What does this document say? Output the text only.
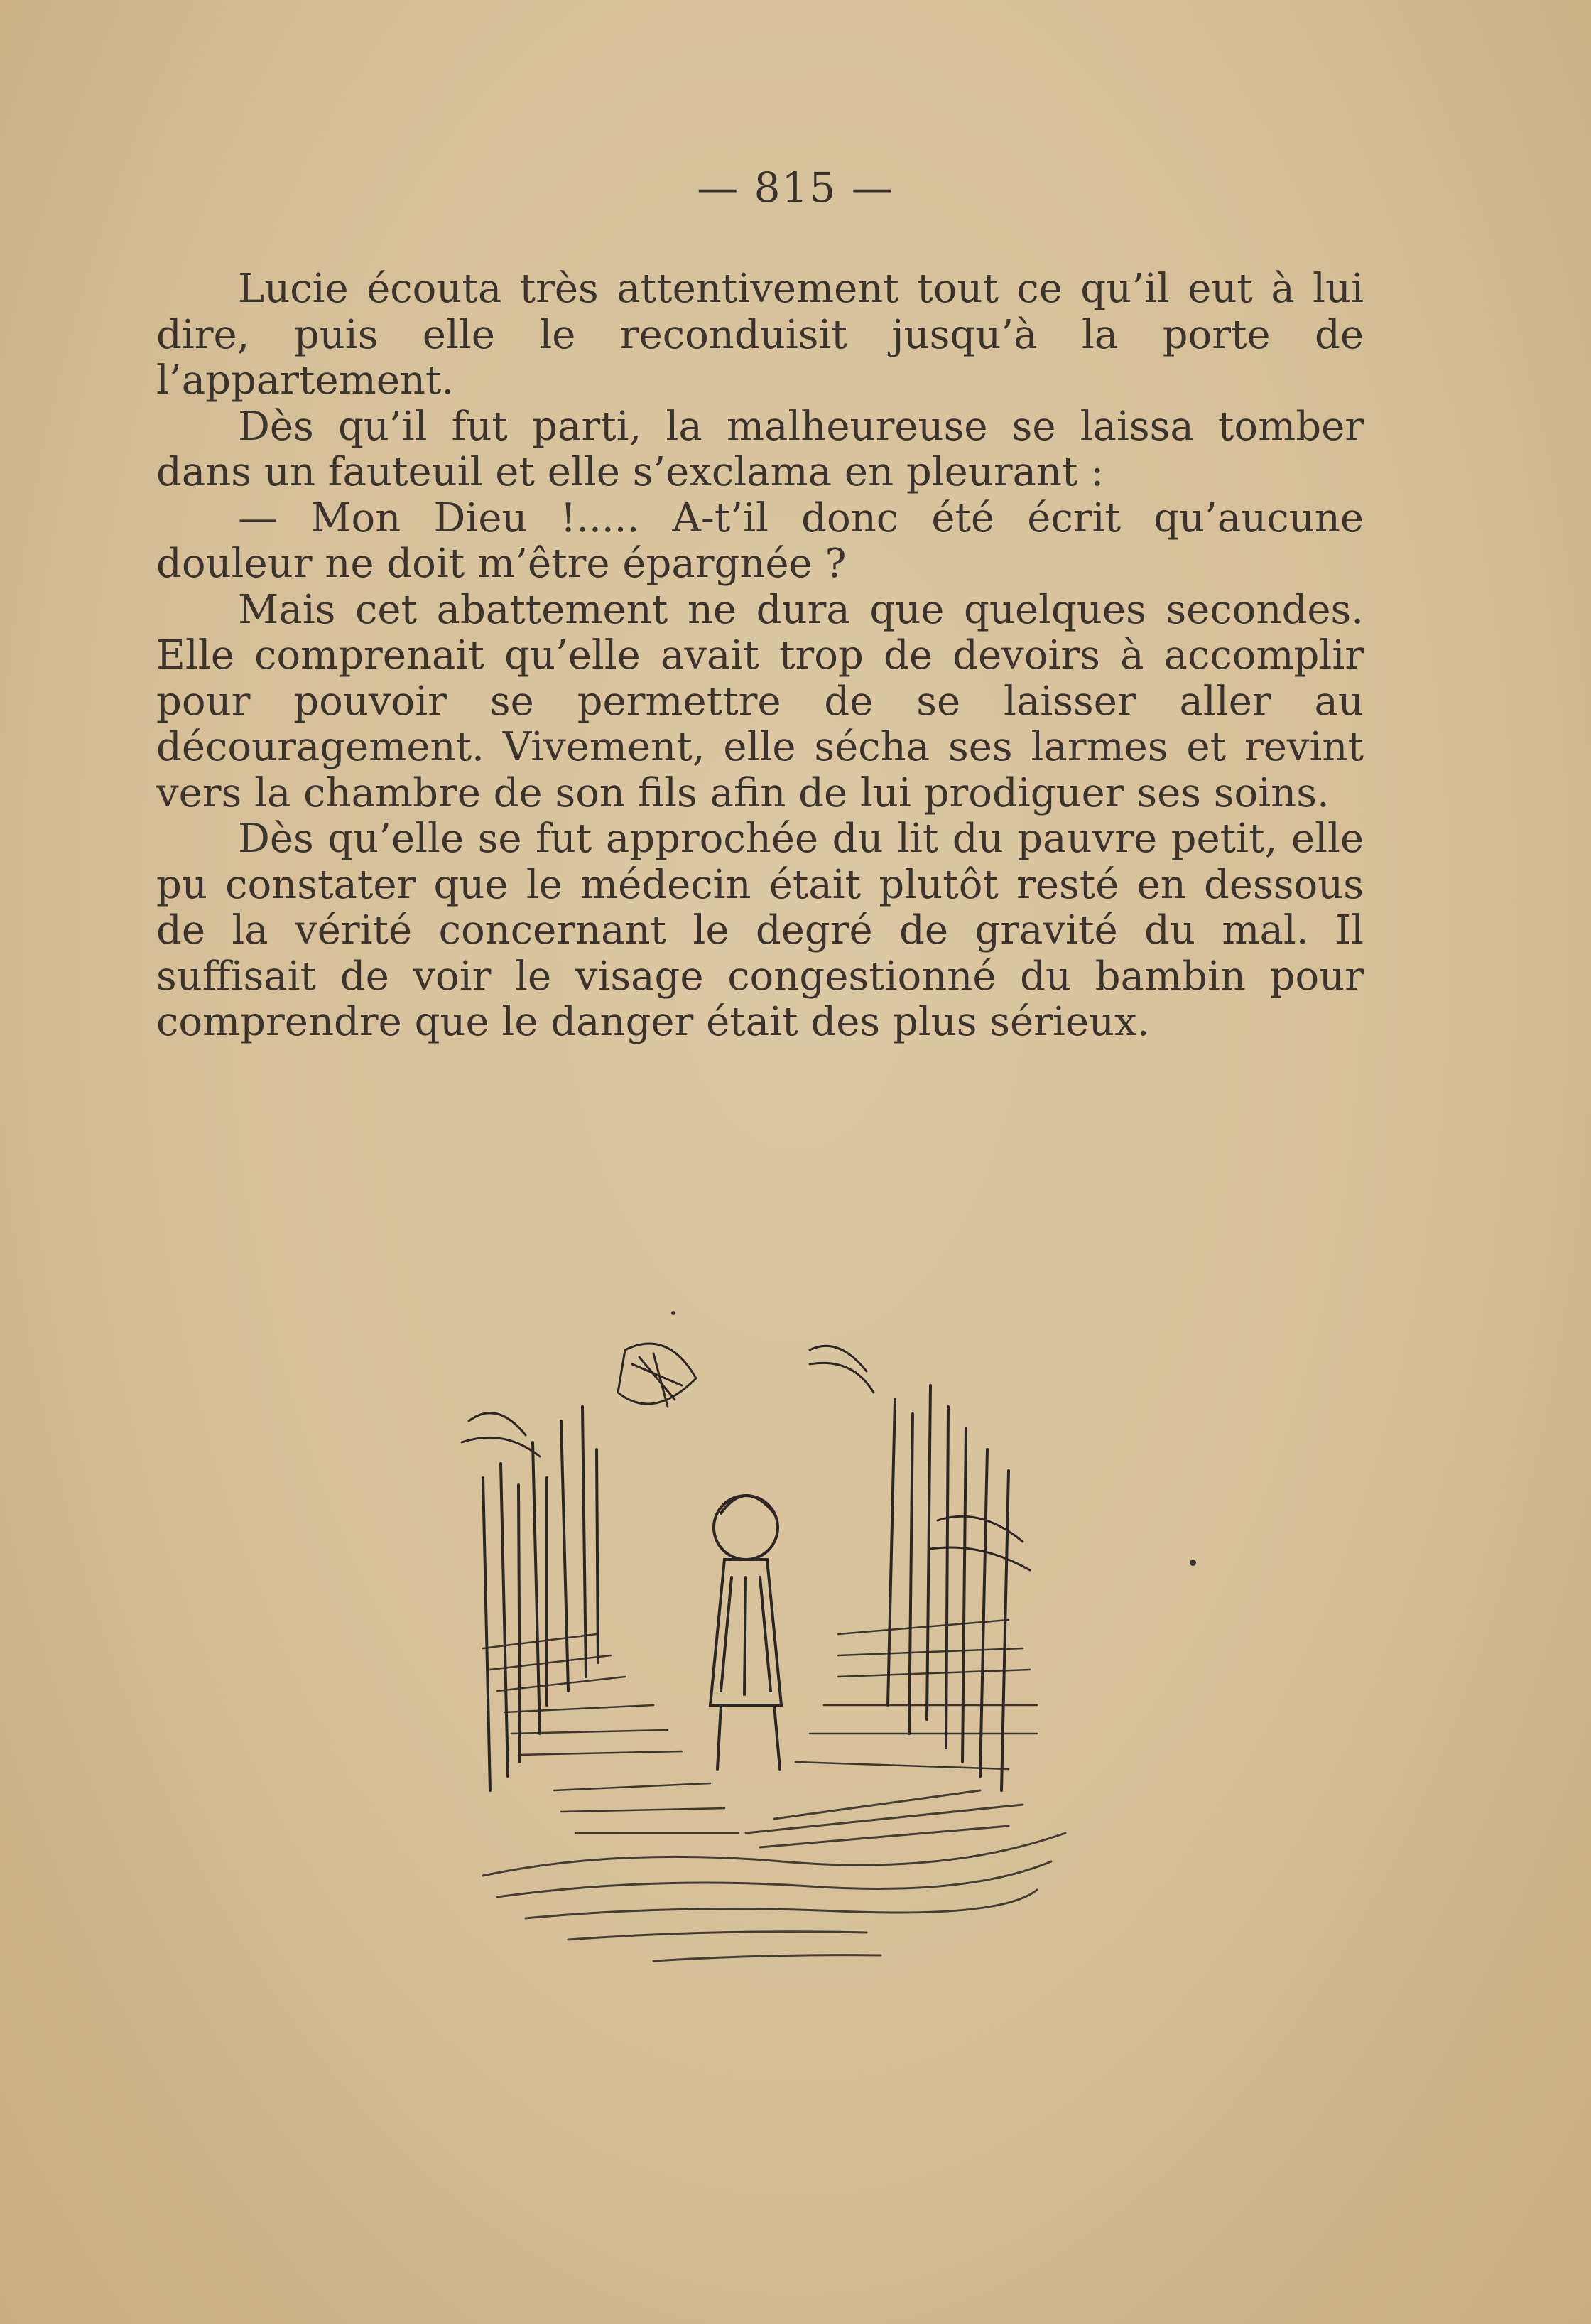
— 815 —

Lucie écouta très attentivement tout ce qu’il eut à lui dire, puis elle le reconduisit jusqu’à la porte de l’appartement.

Dès qu’il fut parti, la malheureuse se laissa tomber dans un fauteuil et elle s’exclama en pleurant :

— Mon Dieu !..... A-t’il donc été écrit qu’aucune douleur ne doit m’être épargnée ?

Mais cet abattement ne dura que quelques secondes. Elle comprenait qu’elle avait trop de devoirs à accomplir pour pouvoir se permettre de se laisser aller au découragement. Vivement, elle sécha ses larmes et revint vers la chambre de son fils afin de lui prodiguer ses soins.

Dès qu’elle se fut approchée du lit du pauvre petit, elle pu constater que le médecin était plutôt resté en dessous de la vérité concernant le degré de gravité du mal. Il suffisait de voir le visage congestionné du bambin pour comprendre que le danger était des plus sérieux.
